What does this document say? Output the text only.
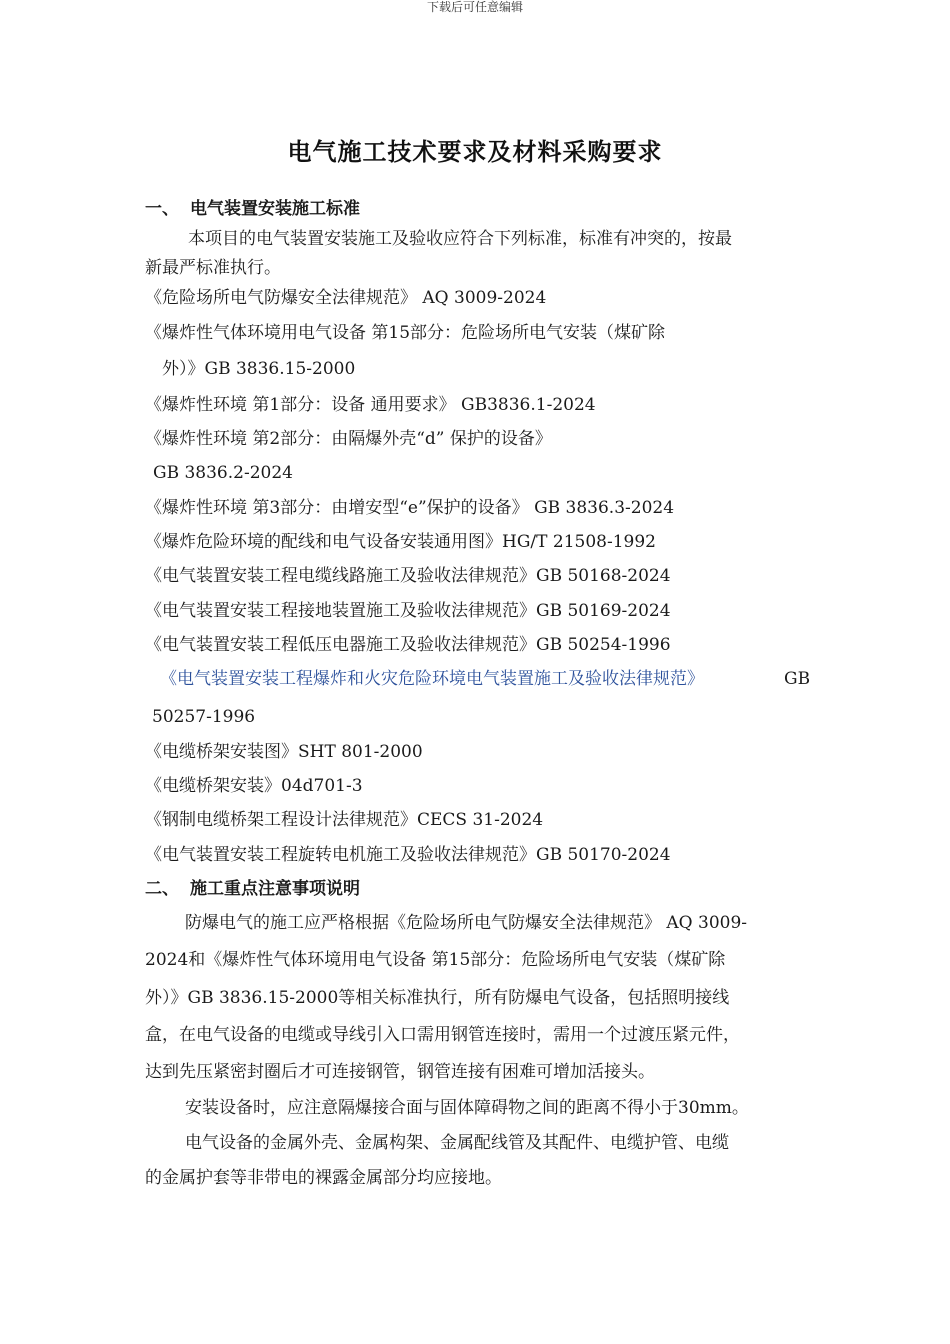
下载后可任意编辑
电气施工技术要求及材料采购要求
一、 电气装置安装施工标准
本项目的电气装置安装施工及验收应符合下列标准，标准有冲突的，按最
新最严标准执行。
《危险场所电气防爆安全法律规范》 AQ 3009-2024
《爆炸性气体环境用电气设备 第15部分：危险场所电气安装（煤矿除
外）》GB 3836.15-2000
《爆炸性环境 第1部分：设备 通用要求》 GB3836.1-2024
《爆炸性环境 第2部分：由隔爆外壳“d” 保护的设备》
GB 3836.2-2024
《爆炸性环境 第3部分：由增安型“e”保护的设备》 GB 3836.3-2024
《爆炸危险环境的配线和电气设备安装通用图》HG/T 21508-1992
《电气装置安装工程电缆线路施工及验收法律规范》GB 50168-2024
《电气装置安装工程接地装置施工及验收法律规范》GB 50169-2024
《电气装置安装工程低压电器施工及验收法律规范》GB 50254-1996
《电气装置安装工程爆炸和火灾危险环境电气装置施工及验收法律规范》	GB
50257-1996
《电缆桥架安装图》SHT 801-2000
《电缆桥架安装》04d701-3
《钢制电缆桥架工程设计法律规范》CECS 31-2024
《电气装置安装工程旋转电机施工及验收法律规范》GB 50170-2024
二、 施工重点注意事项说明
防爆电气的施工应严格根据《危险场所电气防爆安全法律规范》 AQ 3009-
2024和《爆炸性气体环境用电气设备 第15部分：危险场所电气安装（煤矿除
外）》GB 3836.15-2000等相关标准执行，所有防爆电气设备，包括照明接线
盒，在电气设备的电缆或导线引入口需用钢管连接时，需用一个过渡压紧元件，
达到先压紧密封圈后才可连接钢管，钢管连接有困难可增加活接头。
安装设备时，应注意隔爆接合面与固体障碍物之间的距离不得小于30mm。
电气设备的金属外壳、金属构架、金属配线管及其配件、电缆护管、电缆
的金属护套等非带电的裸露金属部分均应接地。
